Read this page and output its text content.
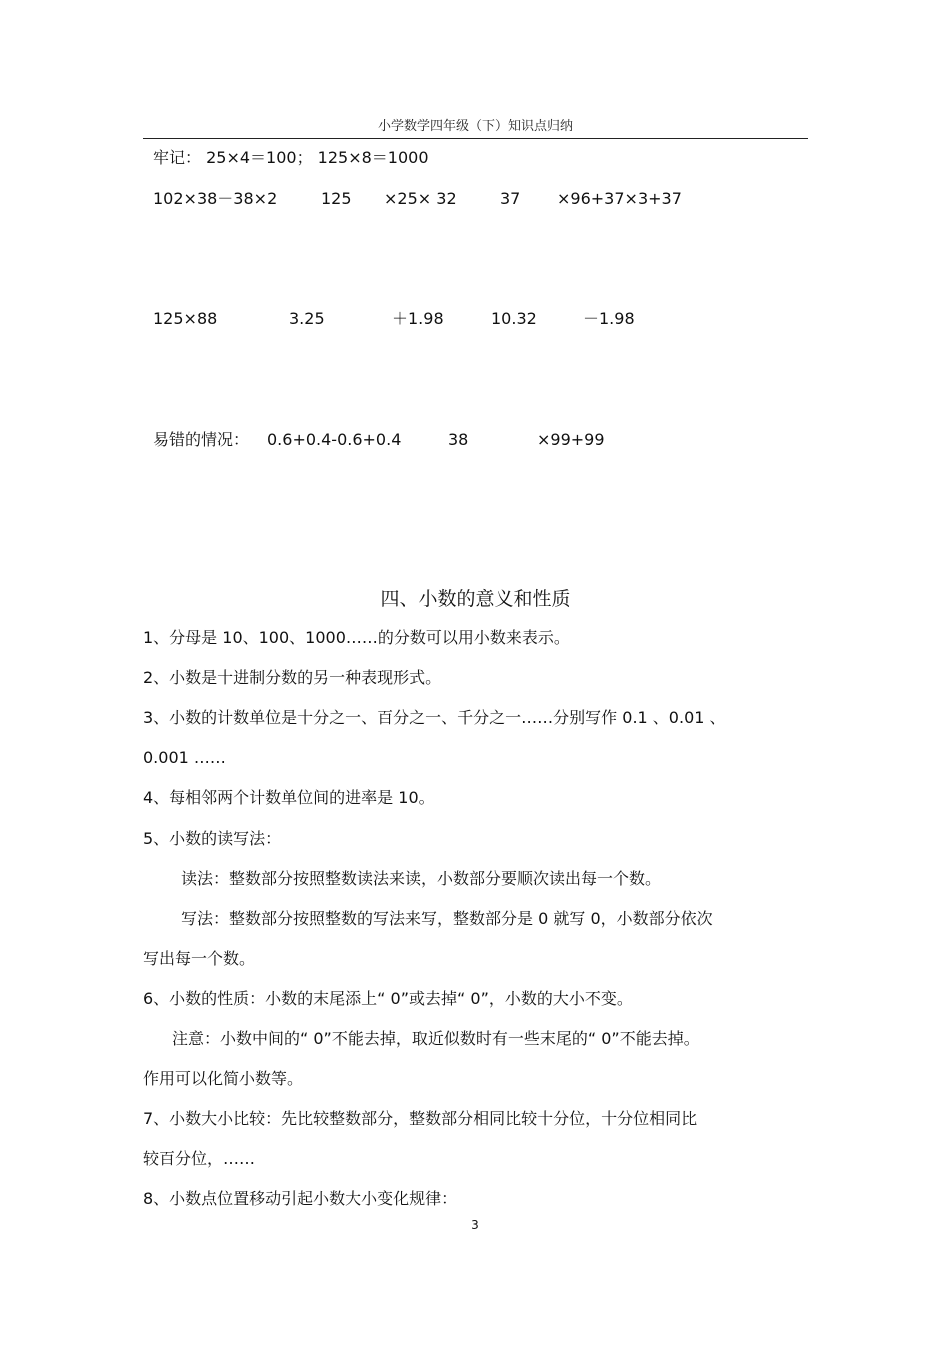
小学数学四年级（下）知识点归纳
牢记： 25×4＝100； 125×8＝1000
102×38－38×2	125 ×25× 32	37 ×96+37×3+37
125×88	3.25	＋1.98	10.32	－1.98
易错的情况： 0.6+0.4-0.6+0.4	38	×99+99
四、小数的意义和性质
1、分母是 10、100、1000……的分数可以用小数来表示。
2、小数是十进制分数的另一种表现形式。
3、小数的计数单位是十分之一、百分之一、千分之一……分别写作 0.1 、0.01 、
0.001 ……
4、每相邻两个计数单位间的进率是 10。
5、小数的读写法：
读法：整数部分按照整数读法来读，小数部分要顺次读出每一个数。
写法：整数部分按照整数的写法来写，整数部分是 0 就写 0，小数部分依次
写出每一个数。
6、小数的性质：小数的末尾添上“ 0”或去掉“ 0”，小数的大小不变。
注意：小数中间的“ 0”不能去掉，取近似数时有一些末尾的“ 0”不能去掉。
作用可以化简小数等。
7、小数大小比较：先比较整数部分，整数部分相同比较十分位，十分位相同比
较百分位，……
8、小数点位置移动引起小数大小变化规律：
3
